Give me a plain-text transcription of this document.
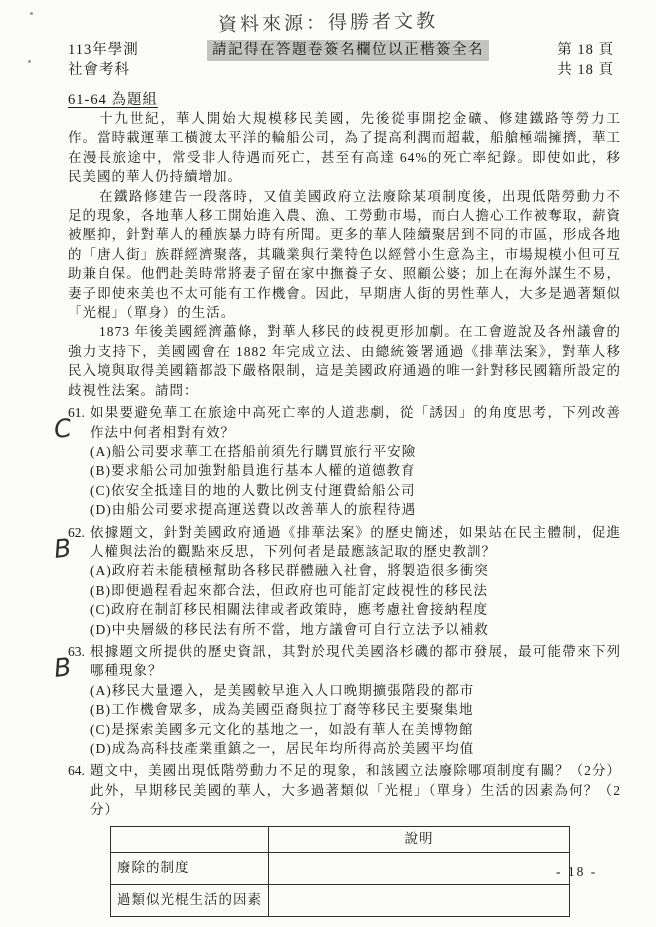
資料來源：得勝者文教
113年學測
社會考科
請記得在答題卷簽名欄位以正楷簽全名	第 18 頁
共 18 頁
61-64 為題組

十九世紀，華人開始大規模移民美國，先後從事開挖金礦、修建鐵路等勞力工作。當時載運華工橫渡太平洋的輪船公司，為了提高利潤而超載，船艙極端擁擠，華工在漫長旅途中，常受非人待遇而死亡，甚至有高達 64%的死亡率紀錄。即使如此，移民美國的華人仍持續增加。

在鐵路修建告一段落時，又值美國政府立法廢除某項制度後，出現低階勞動力不足的現象，各地華人移工開始進入農、漁、工勞動市場，而白人擔心工作被奪取，薪資被壓抑，針對華人的種族暴力時有所聞。更多的華人陸續聚居到不同的市區，形成各地的「唐人街」族群經濟聚落，其職業與行業特色以經營小生意為主，市場規模小但可互助兼自保。他們赴美時常將妻子留在家中撫養子女、照顧公婆；加上在海外謀生不易，妻子即使來美也不太可能有工作機會。因此，早期唐人街的男性華人，大多是過著類似「光棍」（單身）的生活。

1873 年後美國經濟蕭條，對華人移民的歧視更形加劇。在工會遊說及各州議會的強力支持下，美國國會在 1882 年完成立法、由總統簽署通過《排華法案》，對華人移民入境與取得美國籍都設下嚴格限制，這是美國政府通過的唯一針對移民國籍所設定的歧視性法案。請問：

61.
C

如果要避免華工在旅途中高死亡率的人道悲劇，從「誘因」的角度思考，下列改善作法中何者相對有效？

(A)船公司要求華工在搭船前須先行購買旅行平安險
(B)要求船公司加強對船員進行基本人權的道德教育
(C)依安全抵達目的地的人數比例支付運費給船公司
(D)由船公司要求提高運送費以改善華人的旅程待遇
62.
B

依據題文，針對美國政府通過《排華法案》的歷史簡述，如果站在民主體制，促進人權與法治的觀點來反思，下列何者是最應該記取的歷史教訓？

(A)政府若未能積極幫助各移民群體融入社會，將製造很多衝突
(B)即便過程看起來都合法，但政府也可能訂定歧視性的移民法
(C)政府在制訂移民相關法律或者政策時，應考慮社會接納程度
(D)中央層級的移民法有所不當，地方議會可自行立法予以補救
63.
B

根據題文所提供的歷史資訊，其對於現代美國洛杉磯的都市發展，最可能帶來下列哪種現象？

(A)移民大量遷入，是美國較早進入人口晚期擴張階段的都市
(B)工作機會眾多，成為美國亞裔與拉丁裔等移民主要聚集地
(C)是探索美國多元文化的基地之一，如設有華人在美博物館
(D)成為高科技產業重鎮之一，居民年均所得高於美國平均值
64. 題文中，美國出現低階勞動力不足的現象，和該國立法廢除哪項制度有關？（2分）此外，早期移民美國的華人，大多過著類似「光棍」（單身）生活的因素為何？（2分）

	說明
廢除的制度	
過類似光棍生活的因素	
- 18 -
